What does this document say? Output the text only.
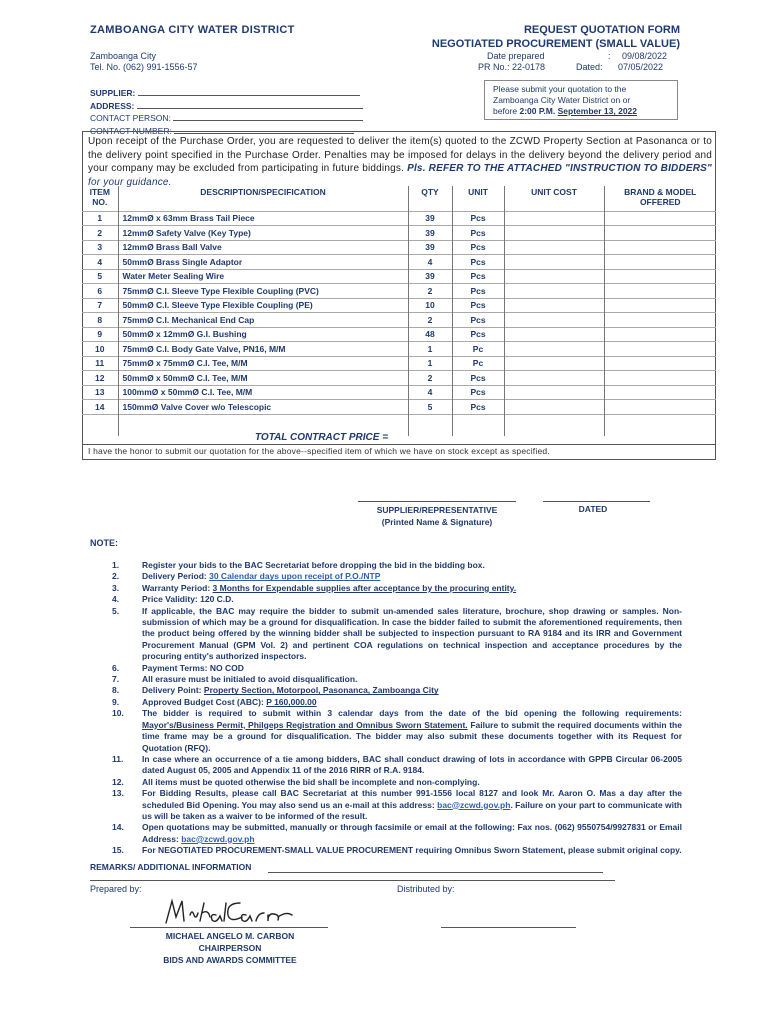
ZAMBOANGA CITY WATER DISTRICT
Zamboanga City
Tel. No. (062) 991-1556-57
REQUEST QUOTATION FORM
NEGOTIATED PROCUREMENT (SMALL VALUE)
Date prepared	: 09/08/2022
PR No.: 22-0178	Dated: 07/05/2022
SUPPLIER:
ADDRESS:
CONTACT PERSON:
CONTACT NUMBER:
Please submit your quotation to the
Zamboanga City Water District on or
before 2:00 P.M. September 13, 2022
Upon receipt of the Purchase Order, you are requested to deliver the item(s) quoted to the ZCWD Property Section at Pasonanca or to the delivery point specified in the Purchase Order. Penalties may be imposed for delays in the delivery beyond the delivery period and your company may be excluded from participating in future biddings. Pls. REFER TO THE ATTACHED "INSTRUCTION TO BIDDERS" for your guidance.
ITEM
NO.	DESCRIPTION/SPECIFICATION	QTY	UNIT	UNIT COST	BRAND & MODEL
OFFERED
1	12mmØ x 63mm Brass Tail Piece	39	Pcs		
2	12mmØ Safety Valve (Key Type)	39	Pcs		
3	12mmØ Brass Ball Valve	39	Pcs		
4	50mmØ Brass Single Adaptor	4	Pcs		
5	Water Meter Sealing Wire	39	Pcs		
6	75mmØ C.I. Sleeve Type Flexible Coupling (PVC)	2	Pcs		
7	50mmØ C.I. Sleeve Type Flexible Coupling (PE)	10	Pcs		
8	75mmØ C.I. Mechanical End Cap	2	Pcs		
9	50mmØ x 12mmØ G.I. Bushing	48	Pcs		
10	75mmØ C.I. Body Gate Valve, PN16, M/M	1	Pc		
11	75mmØ x 75mmØ C.I. Tee, M/M	1	Pc		
12	50mmØ x 50mmØ C.I. Tee, M/M	2	Pcs		
13	100mmØ x 50mmØ C.I. Tee, M/M	4	Pcs		
14	150mmØ Valve Cover w/o Telescopic	5	Pcs		

TOTAL CONTRACT PRICE =
I have the honor to submit our quotation for the above--specified item of which we have on stock except as specified.
SUPPLIER/REPRESENTATIVE
(Printed Name & Signature)
DATED
NOTE:
1.	Register your bids to the BAC Secretariat before dropping the bid in the bidding box.
2.	Delivery Period: 30 Calendar days upon receipt of P.O./NTP
3.	Warranty Period: 3 Months for Expendable supplies after acceptance by the procuring entity.
4.	Price Validity: 120 C.D.
5.	If applicable, the BAC may require the bidder to submit un-amended sales literature, brochure, shop drawing or samples. Non-submission of which may be a ground for disqualification. In case the bidder failed to submit the aforementioned requirements, then the product being offered by the winning bidder shall be subjected to inspection pursuant to RA 9184 and its IRR and Government Procurement Manual (GPM Vol. 2) and pertinent COA regulations on technical inspection and acceptance procedures by the procuring entity's authorized inspectors.
6.	Payment Terms: NO COD
7.	All erasure must be initialed to avoid disqualification.
8.	Delivery Point: Property Section, Motorpool, Pasonanca, Zamboanga City
9.	Approved Budget Cost (ABC): P 160,000.00
10.	The bidder is required to submit within 3 calendar days from the date of the bid opening the following requirements: Mayor's/Business Permit, Philgeps Registration and Omnibus Sworn Statement. Failure to submit the required documents within the time frame may be a ground for disqualification. The bidder may also submit these documents together with its Request for Quotation (RFQ).
11.	In case where an occurrence of a tie among bidders, BAC shall conduct drawing of lots in accordance with GPPB Circular 06-2005 dated August 05, 2005 and Appendix 11 of the 2016 RIRR of R.A. 9184.
12.	All items must be quoted otherwise the bid shall be incomplete and non-complying.
13.	For Bidding Results, please call BAC Secretariat at this number 991-1556 local 8127 and look Mr. Aaron O. Mas a day after the scheduled Bid Opening. You may also send us an e-mail at this address: bac@zcwd.gov.ph. Failure on your part to communicate with us will be taken as a waiver to be informed of the result.
14.	Open quotations may be submitted, manually or through facsimile or email at the following: Fax nos. (062) 9550754/9927831 or Email Address: bac@zcwd.gov.ph
15.	For NEGOTIATED PROCUREMENT-SMALL VALUE PROCUREMENT requiring Omnibus Sworn Statement, please submit original copy.
REMARKS/ ADDITIONAL INFORMATION
Prepared by:	Distributed by:
MICHAEL ANGELO M. CARBON
CHAIRPERSON
BIDS AND AWARDS COMMITTEE
